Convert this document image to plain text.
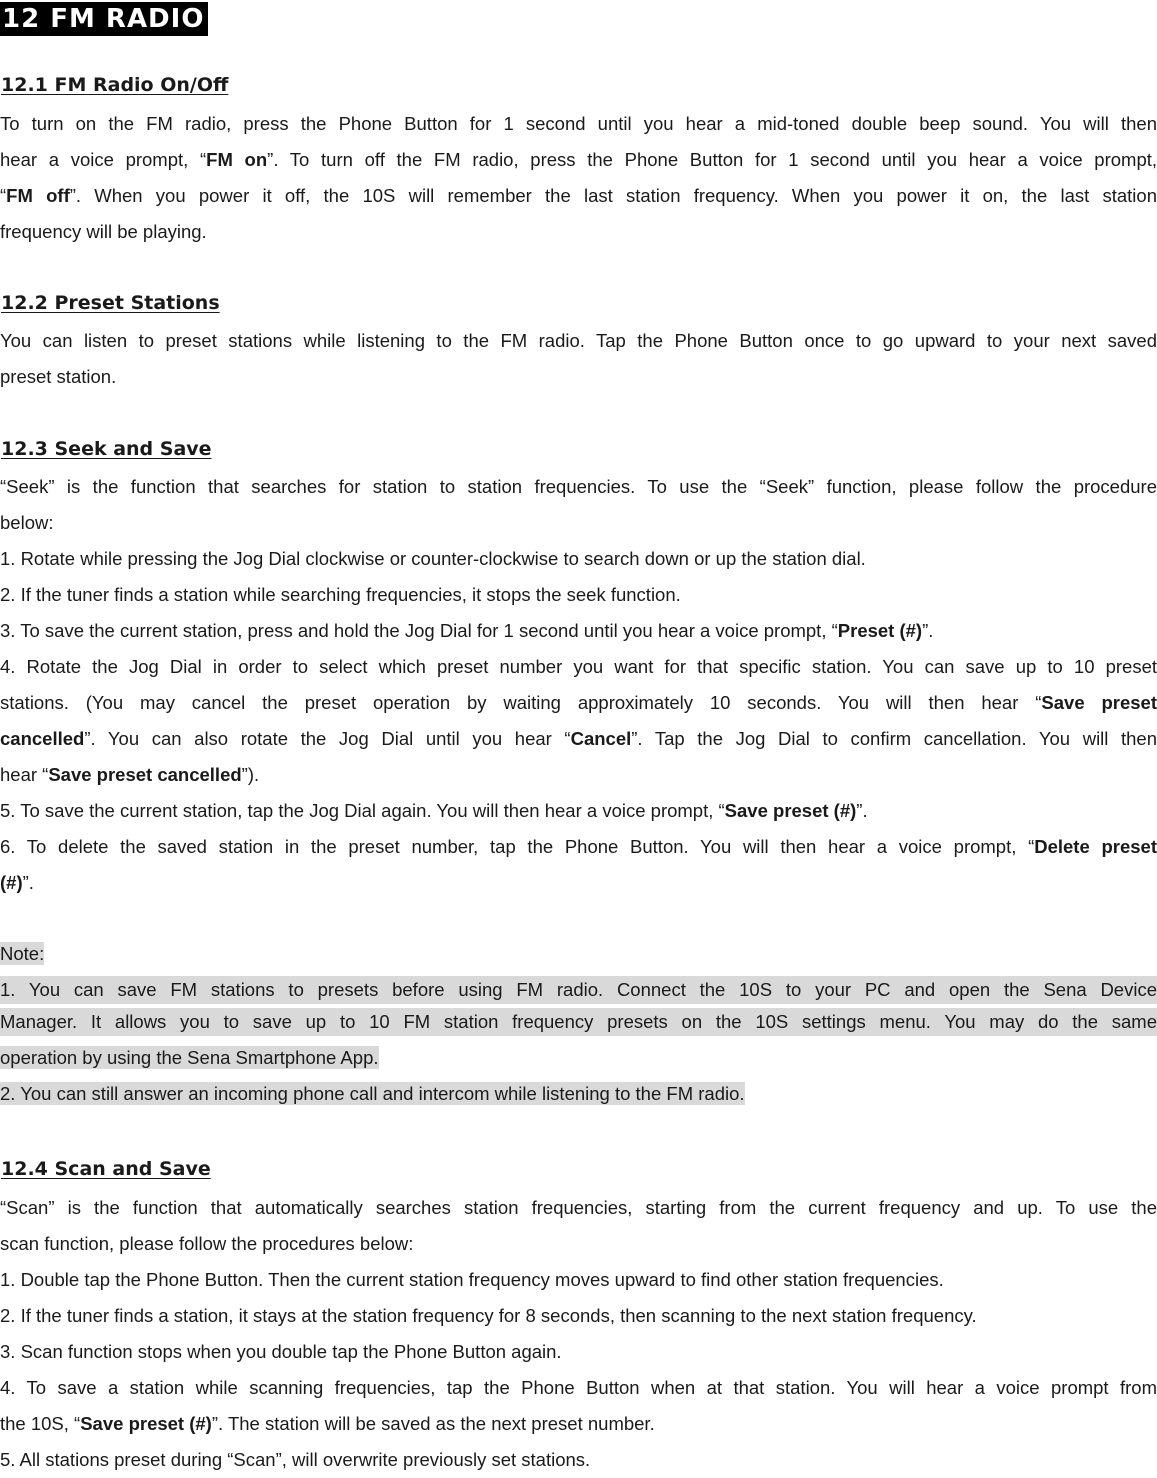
12 FM RADIO
12.1 FM Radio On/Off
To turn on the FM radio, press the Phone Button for 1 second until you hear a mid-toned double beep sound. You will then
hear a voice prompt, “FM on”. To turn off the FM radio, press the Phone Button for 1 second until you hear a voice prompt,
“FM off”. When you power it off, the 10S will remember the last station frequency. When you power it on, the last station
frequency will be playing.
12.2 Preset Stations
You can listen to preset stations while listening to the FM radio. Tap the Phone Button once to go upward to your next saved
preset station.
12.3 Seek and Save
“Seek” is the function that searches for station to station frequencies. To use the “Seek” function, please follow the procedure
below:
1. Rotate while pressing the Jog Dial clockwise or counter-clockwise to search down or up the station dial.
2. If the tuner finds a station while searching frequencies, it stops the seek function.
3. To save the current station, press and hold the Jog Dial for 1 second until you hear a voice prompt, “Preset (#)”.
4. Rotate the Jog Dial in order to select which preset number you want for that specific station. You can save up to 10 preset
stations. (You may cancel the preset operation by waiting approximately 10 seconds. You will then hear “Save preset
cancelled”. You can also rotate the Jog Dial until you hear “Cancel”. Tap the Jog Dial to confirm cancellation. You will then
hear “Save preset cancelled”).
5. To save the current station, tap the Jog Dial again. You will then hear a voice prompt, “Save preset (#)”.
6. To delete the saved station in the preset number, tap the Phone Button. You will then hear a voice prompt, “Delete preset
(#)”.
Note:
1. You can save FM stations to presets before using FM radio. Connect the 10S to your PC and open the Sena Device
Manager. It allows you to save up to 10 FM station frequency presets on the 10S settings menu. You may do the same
operation by using the Sena Smartphone App.
2. You can still answer an incoming phone call and intercom while listening to the FM radio.
12.4 Scan and Save
“Scan” is the function that automatically searches station frequencies, starting from the current frequency and up. To use the
scan function, please follow the procedures below:
1. Double tap the Phone Button. Then the current station frequency moves upward to find other station frequencies.
2. If the tuner finds a station, it stays at the station frequency for 8 seconds, then scanning to the next station frequency.
3. Scan function stops when you double tap the Phone Button again.
4. To save a station while scanning frequencies, tap the Phone Button when at that station. You will hear a voice prompt from
the 10S, “Save preset (#)”. The station will be saved as the next preset number.
5. All stations preset during “Scan”, will overwrite previously set stations.
